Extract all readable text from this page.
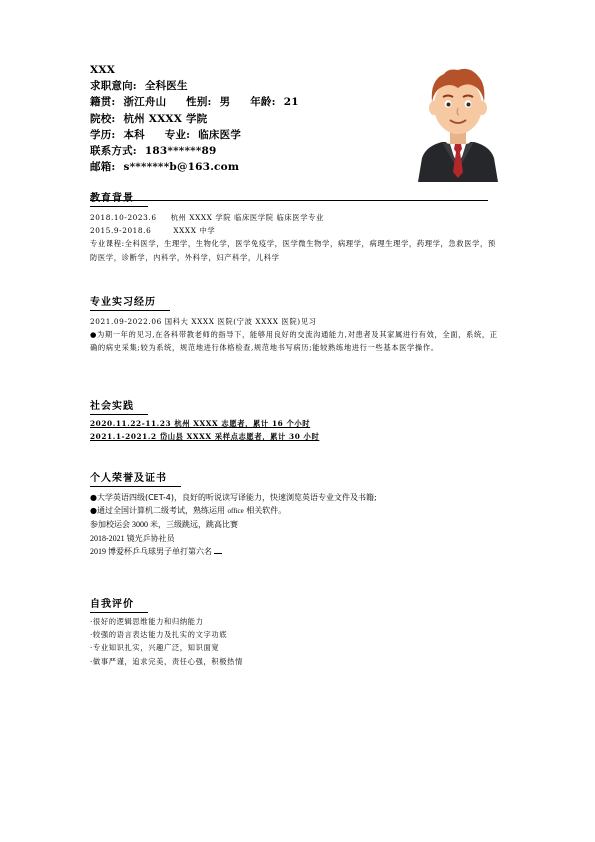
XXX
求职意向: 全科医生
籍贯: 浙江舟山 性别: 男 年龄: 21
院校: 杭州 XXXX 学院
学历: 本科 专业: 临床医学
联系方式: 183******89
邮箱: s*******b@163.com
教育背景
2018.10-2023.6 杭州 XXXX 学院 临床医学院 临床医学专业
2015.9-2018.6	XXXX 中学
专业课程:全科医学，生理学，生物化学，医学免疫学，医学微生物学，病理学，病理生理学，药理学，急救医学，预防医学，诊断学，内科学，外科学，妇产科学，儿科学
专业实习经历
2021.09-2022.06 国科大 XXXX 医院(宁波 XXXX 医院)见习
●为期一年的见习,在各科带教老师的指导下，能够用良好的交流沟通能力,对患者及其家属进行有效，全面，系统，正确的病史采集;较为系统，规范地进行体格检查,规范地书写病历;能较熟练地进行一些基本医学操作。
社会实践
2020.11.22-11.23 杭州 XXXX 志愿者，累计 16 个小时
2021.1-2021.2 岱山县 XXXX 采样点志愿者，累计 30 小时
个人荣誉及证书
●大学英语四级(CET-4)，良好的听说读写译能力，快速浏览英语专业文件及书籍;
●通过全国计算机二级考试，熟练运用 office 相关软件。
参加校运会 3000 米，三级跳远，跳高比赛
2018-2021 镜光乒协社员
2019 博爱杯乒乓球男子单打第六名
自我评价
·很好的逻辑思维能力和归纳能力
·较强的语言表达能力及扎实的文字功底
·专业知识扎实，兴趣广泛，知识面宽
·做事严谨，追求完美，责任心强，积极热情
